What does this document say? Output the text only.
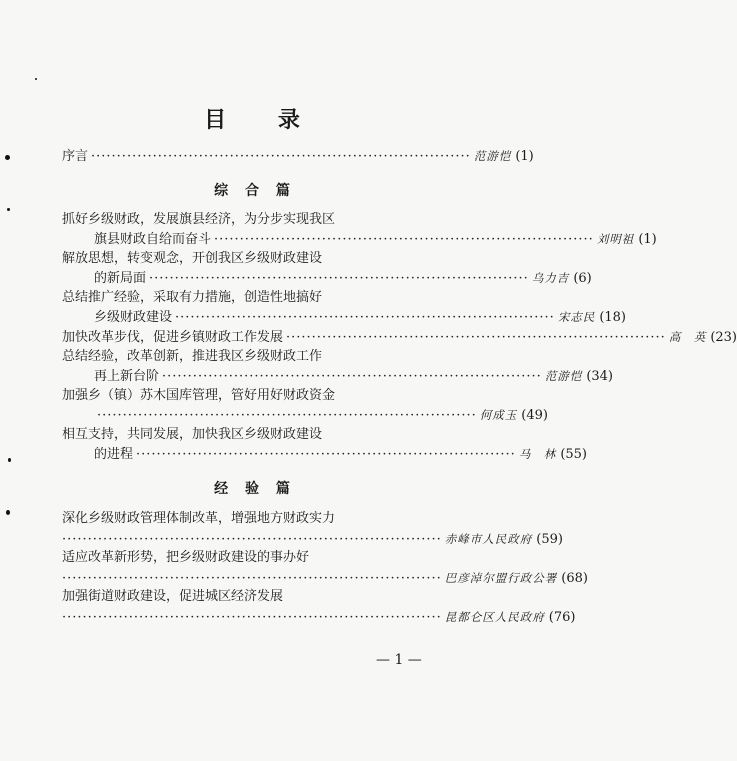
目 录
序言 ·········································································· 范游恺 (1)
综 合 篇
抓好乡级财政，发展旗县经济，为分步实现我区
旗县财政自给而奋斗 ·········································································· 刘明祖 (1)
解放思想，转变观念，开创我区乡级财政建设
的新局面 ·········································································· 乌力吉 (6)
总结推广经验，采取有力措施，创造性地搞好
乡级财政建设 ·········································································· 宋志民 (18)
加快改革步伐，促进乡镇财政工作发展 ·········································································· 高　英 (23)
总结经验，改革创新，推进我区乡级财政工作
再上新台阶 ·········································································· 范游恺 (34)
加强乡（镇）苏木国库管理，管好用好财政资金
·········································································· 何成玉 (49)
相互支持，共同发展，加快我区乡级财政建设
的进程 ·········································································· 马　林 (55)
经 验 篇
深化乡级财政管理体制改革，增强地方财政实力
·········································································· 赤峰市人民政府 (59)
适应改革新形势，把乡级财政建设的事办好
·········································································· 巴彦淖尔盟行政公署 (68)
加强街道财政建设，促进城区经济发展
·········································································· 昆都仑区人民政府 (76)
— 1 —
